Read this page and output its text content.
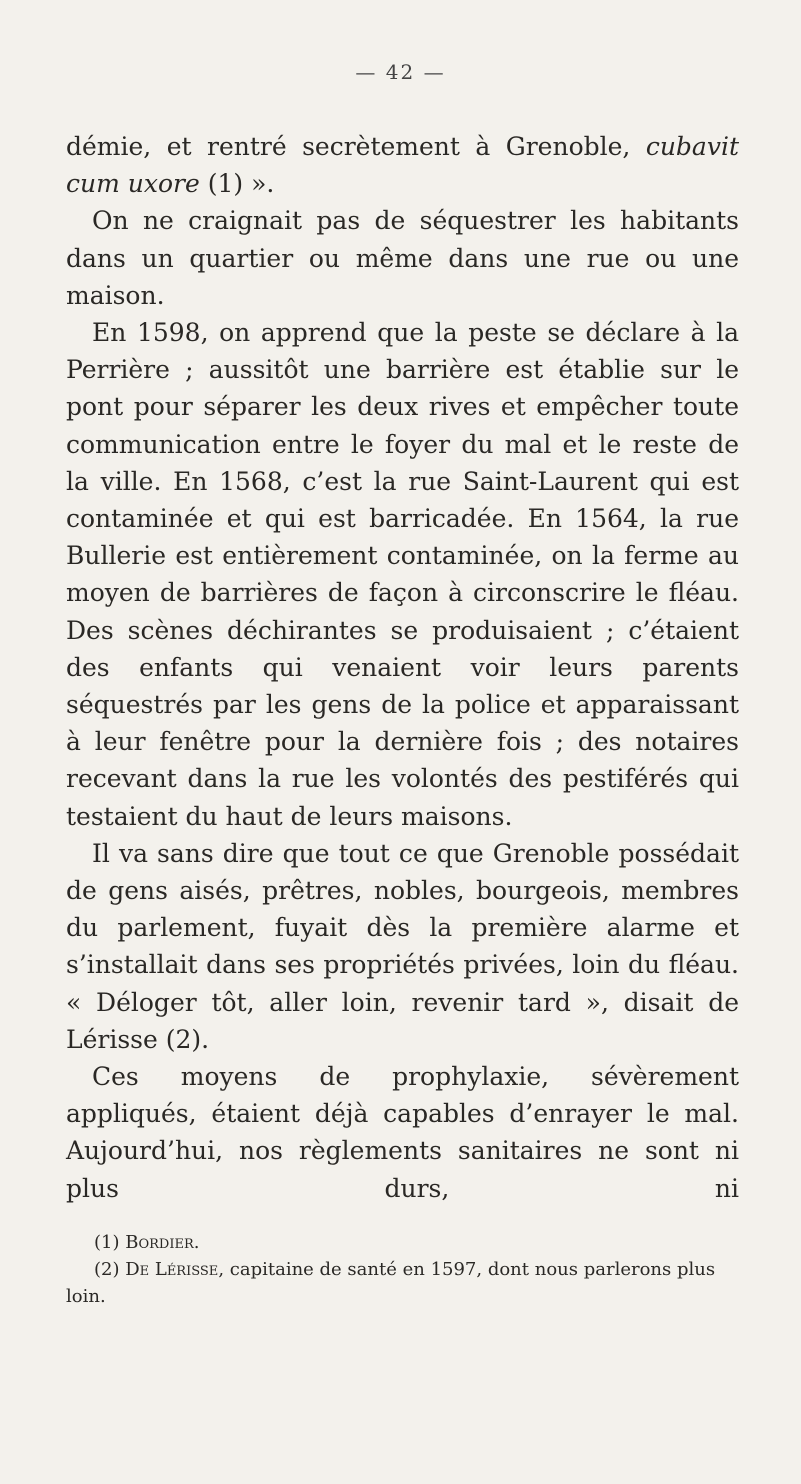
— 42 —

démie, et rentré secrètement à Grenoble, cubavit cum uxore (1) ».

On ne craignait pas de séquestrer les habitants dans un quartier ou même dans une rue ou une maison.

En 1598, on apprend que la peste se déclare à la Perrière ; aussitôt une barrière est établie sur le pont pour séparer les deux rives et empêcher toute communication entre le foyer du mal et le reste de la ville. En 1568, c’est la rue Saint-Laurent qui est contaminée et qui est barricadée. En 1564, la rue Bullerie est entièrement contaminée, on la ferme au moyen de barrières de façon à circonscrire le fléau. Des scènes déchirantes se produisaient ; c’étaient des enfants qui venaient voir leurs parents séquestrés par les gens de la police et apparaissant à leur fenêtre pour la dernière fois ; des notaires recevant dans la rue les volontés des pestiférés qui testaient du haut de leurs maisons.

Il va sans dire que tout ce que Grenoble possédait de gens aisés, prêtres, nobles, bourgeois, membres du parlement, fuyait dès la première alarme et s’installait dans ses propriétés privées, loin du fléau. « Déloger tôt, aller loin, revenir tard », disait de Lérisse (2).

Ces moyens de prophylaxie, sévèrement appliqués, étaient déjà capables d’enrayer le mal. Aujourd’hui, nos règlements sanitaires ne sont ni plus durs, ni

(1) Bordier.

(2) De Lérisse, capitaine de santé en 1597, dont nous parlerons plus loin.
